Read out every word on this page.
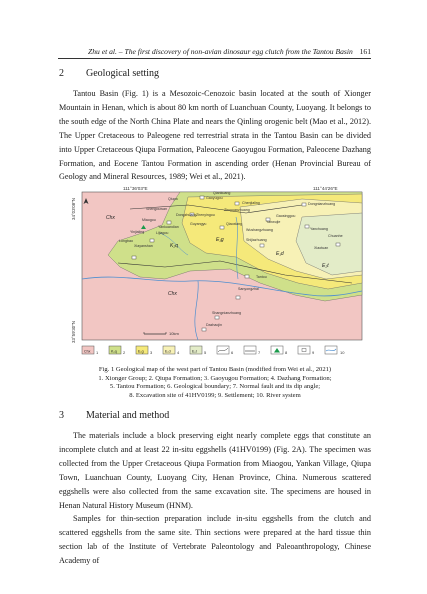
Zhu et al. – The first discovery of non-avian dinosaur egg clutch from the Tantou Basin 161
2 Geological setting

Tantou Basin (Fig. 1) is a Mesozoic-Cenozoic basin located at the south of Xionger Mountain in Henan, which is about 80 km north of Luanchuan County, Luoyang. It belongs to the south edge of the North China Plate and nears the Qinling orogenic belt (Mao et al., 2012). The Upper Cretaceous to Paleogene red terrestrial strata in the Tantou Basin can be divided into Upper Cretaceous Qiupa Formation, Paleocene Gaoyugou Formation, Paleocene Dazhang Formation, and Eocene Tantou Formation in ascending order (Henan Provincial Bureau of Geology and Mineral Resources, 1989; Wei et al., 2021).

111°36′03″E	111°44′26″E
34°03′08″N
33°59′30″N
Qiupa	Gaoyugou
Qiankuang
Chenjialing	Dongnianzhuang
Shengouwan
Dongzhuang Zhenyingou
Zhuyuanzhuang
Gaosinggou
Miaogou
Yankuandian
Lijiagou
Yinjialing
Longbao
Xiayanshan
Guyangyu	Qiaoxiang
Wushangzhuang
Yanwujie
Yanchuang
Shijiazhuang
Tantou
Sanyongzhai
Shangnianzhuang
Dazhaojin
Chuanhe
Xiaotuan
Chx
Chx
K₂q
E₁g
E₁d
E₂t
10km
Chx 1	K₂q 2	E₁g 3	E₁d 4	E₂t 5	6	7	8	9	10
Fig. 1 Geological map of the west part of Tantou Basin (modified from Wei et al., 2021)
1. Xionger Group; 2. Qiupa Formation; 3. Gaoyugou Formation; 4. Dazhang Formation;
5. Tantou Formation; 6. Geological boundary; 7. Normal fault and its dip angle;
8. Excavation site of 41HV0199; 9. Settlement; 10. River system
3 Material and method

The materials include a block preserving eight nearly complete eggs that constitute an incomplete clutch and at least 22 in-situ eggshells (41HV0199) (Fig. 2A). The specimen was collected from the Upper Cretaceous Qiupa Formation from Miaogou, Yankan Village, Qiupa Town, Luanchuan County, Luoyang City, Henan Province, China. Numerous scattered eggshells were also collected from the same excavation site. The specimens are housed in Henan Natural History Museum (HNM).

Samples for thin-section preparation include in-situ eggshells from the clutch and scattered eggshells from the same site. Thin sections were prepared at the hard tissue thin section lab of the Institute of Vertebrate Paleontology and Paleoanthropology, Chinese Academy of
